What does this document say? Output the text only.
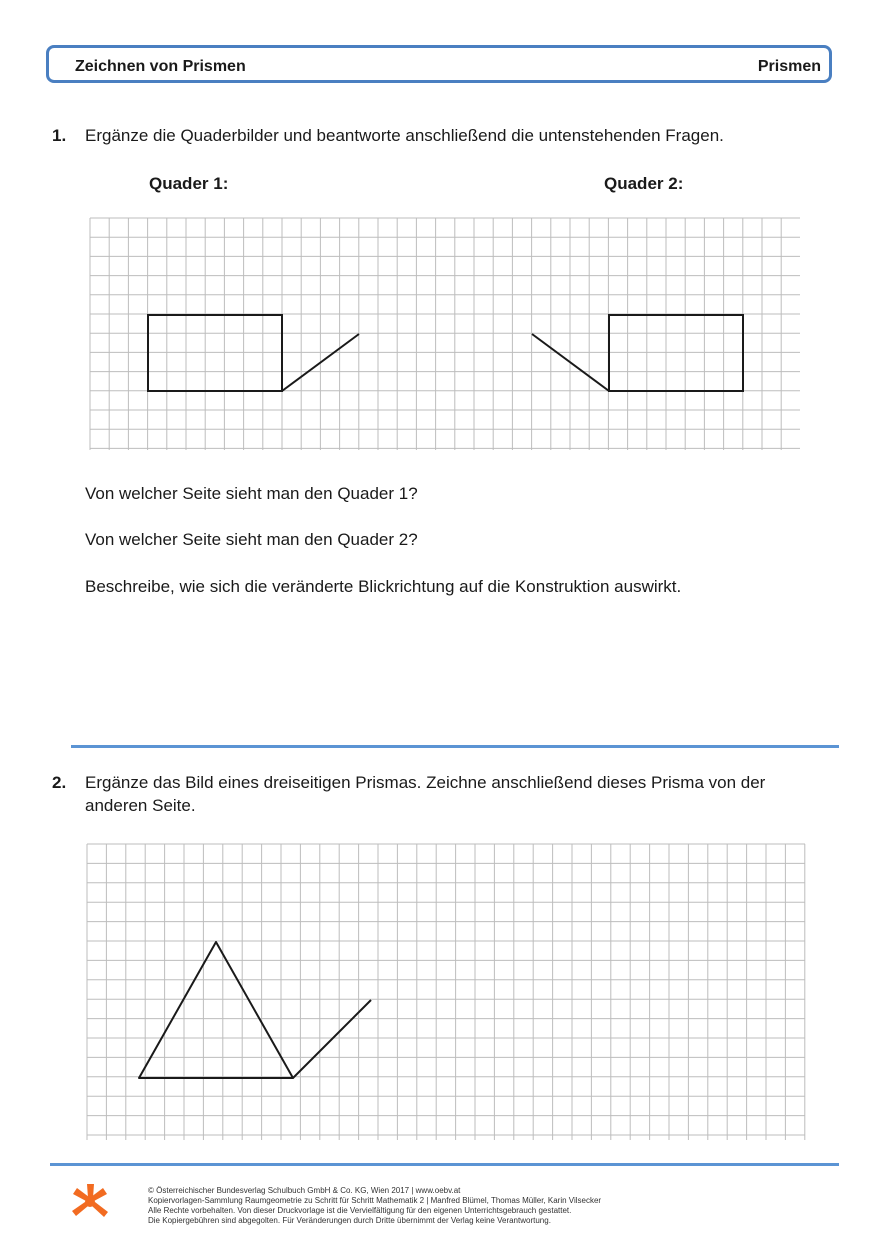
Zeichnen von Prismen	Prismen
1. Ergänze die Quaderbilder und beantworte anschließend die untenstehenden Fragen.
Quader 1:	Quader 2:
Von welcher Seite sieht man den Quader 1?
Von welcher Seite sieht man den Quader 2?
Beschreibe, wie sich die veränderte Blickrichtung auf die Konstruktion auswirkt.
2. Ergänze das Bild eines dreiseitigen Prismas. Zeichne anschließend dieses Prisma von der
anderen Seite.
© Österreichischer Bundesverlag Schulbuch GmbH & Co. KG, Wien 2017 | www.oebv.at
Kopiervorlagen-Sammlung Raumgeometrie zu Schritt für Schritt Mathematik 2 | Manfred Blümel, Thomas Müller, Karin Vilsecker
Alle Rechte vorbehalten. Von dieser Druckvorlage ist die Vervielfältigung für den eigenen Unterrichtsgebrauch gestattet.
Die Kopiergebühren sind abgegolten. Für Veränderungen durch Dritte übernimmt der Verlag keine Verantwortung.
